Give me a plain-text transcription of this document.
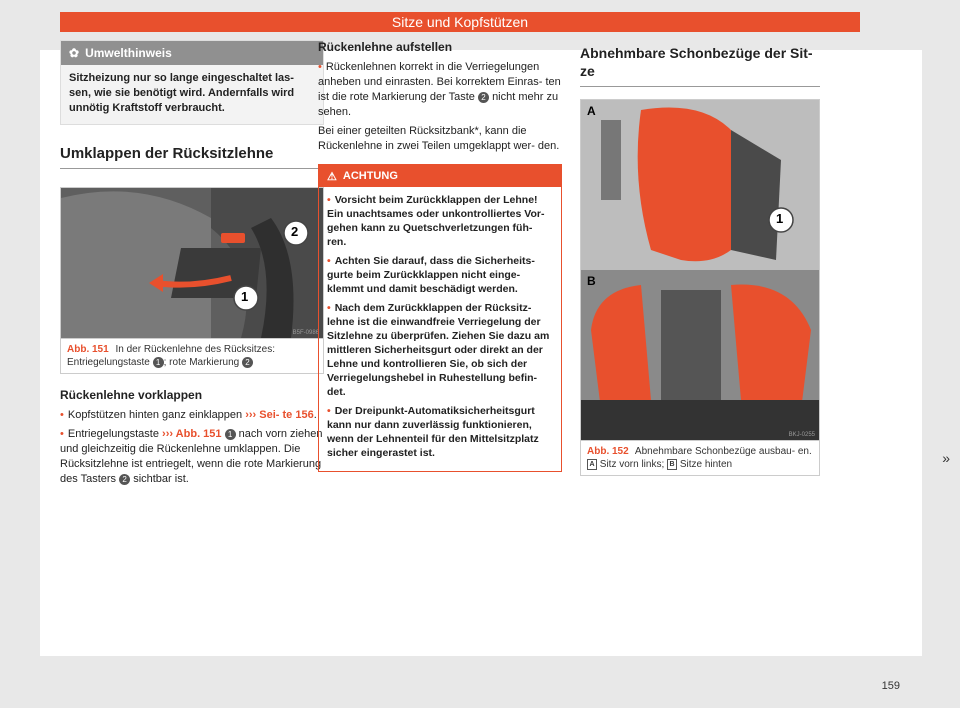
Sitze und Kopfstützen
✿ Umwelthinweis
Sitzheizung nur so lange eingeschaltet las- sen, wie sie benötigt wird. Andernfalls wird unnötig Kraftstoff verbraucht.
Umklappen der Rücksitzlehne
2
1
B5F-0986
Abb. 151 In der Rückenlehne des Rücksitzes: Entriegelungstaste 1 ; rote Markierung 2
Rückenlehne vorklappen
• Kopfstützen hinten ganz einklappen ››› Sei- te 156.
• Entriegelungstaste ››› Abb. 151 1 nach vorn ziehen und gleichzeitig die Rückenlehne umklappen. Die Rücksitzlehne ist entriegelt, wenn die rote Markierung des Tasters 2 sichtbar ist.
Rückenlehne aufstellen
• Rückenlehnen korrekt in die Verriegelungen anheben und einrasten. Bei korrektem Einras- ten ist die rote Markierung der Taste 2 nicht mehr zu sehen.

Bei einer geteilten Rücksitzbank*, kann die Rückenlehne in zwei Teilen umgeklappt wer- den.

⚠ ACHTUNG
• Vorsicht beim Zurückklappen der Lehne! Ein unachtsames oder unkontrolliertes Vor- gehen kann zu Quetschverletzungen füh- ren.
• Achten Sie darauf, dass die Sicherheits- gurte beim Zurückklappen nicht einge- klemmt und damit beschädigt werden.
• Nach dem Zurückklappen der Rücksitz- lehne ist die einwandfreie Verriegelung der Sitzlehne zu überprüfen. Ziehen Sie dazu am mittleren Sicherheitsgurt oder direkt an der Lehne und kontrollieren Sie, ob sich der Verriegelungshebel in Ruhestellung befin- det.
• Der Dreipunkt-Automatiksicherheitsgurt kann nur dann zuverlässig funktionieren, wenn der Lehnenteil für den Mittelsitzplatz sicher eingerastet ist.
Abnehmbare Schonbezüge der Sit- ze
A
B
1
BKJ-0255
Abb. 152 Abnehmbare Schonbezüge ausbau- en. A Sitz vorn links; B Sitze hinten	»
159
